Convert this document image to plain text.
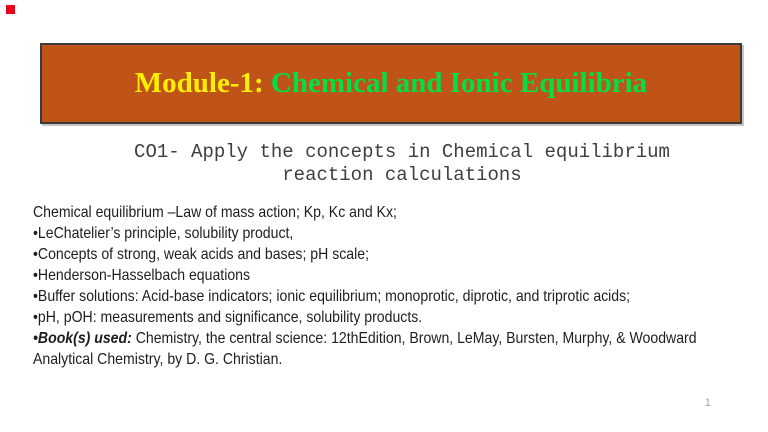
Module-1: Chemical and Ionic Equilibria
CO1- Apply the concepts in Chemical equilibrium
reaction calculations
Chemical equilibrium –Law of mass action; Kp, Kc and Kx;
•LeChatelier’s principle, solubility product,
•Concepts of strong, weak acids and bases; pH scale;
•Henderson-Hasselbach equations
•Buffer solutions: Acid-base indicators; ionic equilibrium; monoprotic, diprotic, and triprotic acids;
•pH, pOH: measurements and significance, solubility products.
•Book(s) used: Chemistry, the central science: 12thEdition, Brown, LeMay, Bursten, Murphy, & Woodward
Analytical Chemistry, by D. G. Christian.
1
